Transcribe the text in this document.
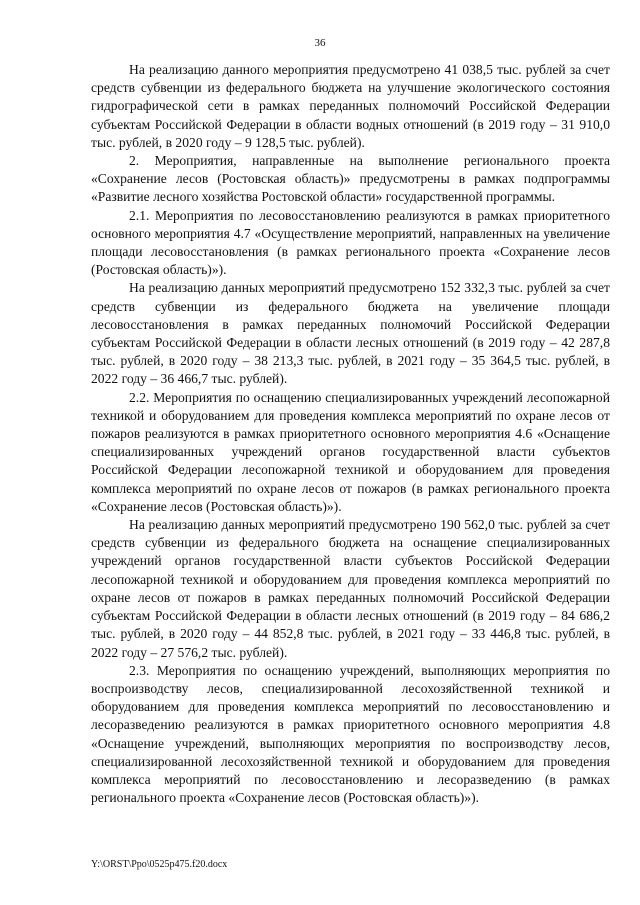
36

На реализацию данного мероприятия предусмотрено 41 038,5 тыс. рублей за счет средств субвенции из федерального бюджета на улучшение экологического состояния гидрографической сети в рамках переданных полномочий Российской Федерации субъектам Российской Федерации в области водных отношений (в 2019 году – 31 910,0 тыс. рублей, в 2020 году – 9 128,5 тыс. рублей).

2. Мероприятия, направленные на выполнение регионального проекта «Сохранение лесов (Ростовская область)» предусмотрены в рамках подпрограммы «Развитие лесного хозяйства Ростовской области» государственной программы.

2.1. Мероприятия по лесовосстановлению реализуются в рамках приоритетного основного мероприятия 4.7 «Осуществление мероприятий, направленных на увеличение площади лесовосстановления (в рамках регионального проекта «Сохранение лесов (Ростовская область)»).

На реализацию данных мероприятий предусмотрено 152 332,3 тыс. рублей за счет средств субвенции из федерального бюджета на увеличение площади лесовосстановления в рамках переданных полномочий Российской Федерации субъектам Российской Федерации в области лесных отношений (в 2019 году – 42 287,8 тыс. рублей, в 2020 году – 38 213,3 тыс. рублей, в 2021 году – 35 364,5 тыс. рублей, в 2022 году – 36 466,7 тыс. рублей).

2.2. Мероприятия по оснащению специализированных учреждений лесопожарной техникой и оборудованием для проведения комплекса мероприятий по охране лесов от пожаров реализуются в рамках приоритетного основного мероприятия 4.6 «Оснащение специализированных учреждений органов государственной власти субъектов Российской Федерации лесопожарной техникой и оборудованием для проведения комплекса мероприятий по охране лесов от пожаров (в рамках регионального проекта «Сохранение лесов (Ростовская область)»).

На реализацию данных мероприятий предусмотрено 190 562,0 тыс. рублей за счет средств субвенции из федерального бюджета на оснащение специализированных учреждений органов государственной власти субъектов Российской Федерации лесопожарной техникой и оборудованием для проведения комплекса мероприятий по охране лесов от пожаров в рамках переданных полномочий Российской Федерации субъектам Российской Федерации в области лесных отношений (в 2019 году – 84 686,2 тыс. рублей, в 2020 году – 44 852,8 тыс. рублей, в 2021 году – 33 446,8 тыс. рублей, в 2022 году – 27 576,2 тыс. рублей).

2.3. Мероприятия по оснащению учреждений, выполняющих мероприятия по воспроизводству лесов, специализированной лесохозяйственной техникой и оборудованием для проведения комплекса мероприятий по лесовосстановлению и лесоразведению реализуются в рамках приоритетного основного мероприятия 4.8 «Оснащение учреждений, выполняющих мероприятия по воспроизводству лесов, специализированной лесохозяйственной техникой и оборудованием для проведения комплекса мероприятий по лесовосстановлению и лесоразведению (в рамках регионального проекта «Сохранение лесов (Ростовская область)»).

Y:\ORST\Ppo\0525p475.f20.docx
